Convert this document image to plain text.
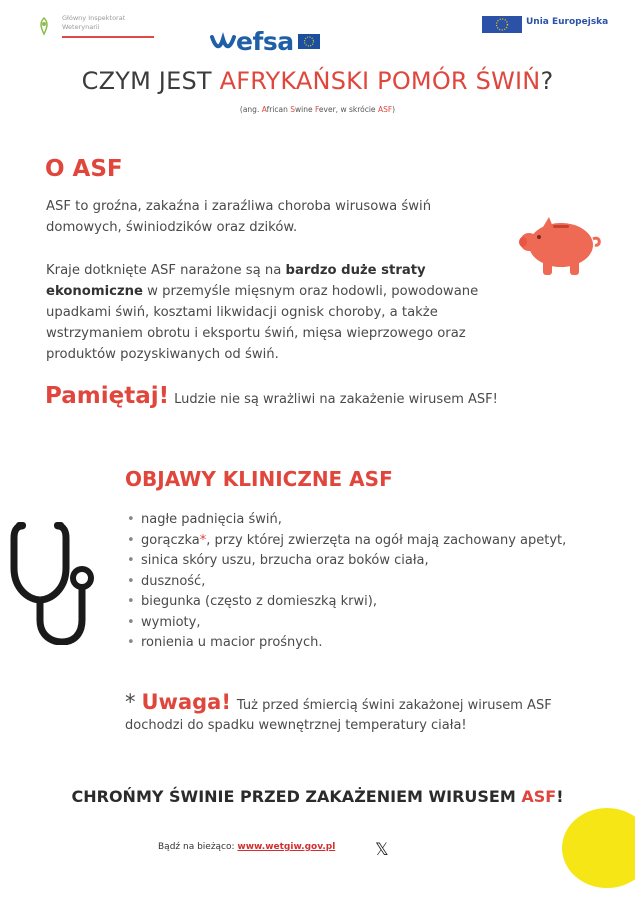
Główny Inspektorat Weterynarii	efsa
Unia Europejska
CZYM JEST AFRYKAŃSKI POMÓR ŚWIŃ?
(ang. African Swine Fever, w skrócie ASF)
O ASF
ASF to groźna, zakaźna i zaraźliwa choroba wirusowa świń domowych, świniodzików oraz dzików.
Kraje dotknięte ASF narażone są na bardzo duże straty ekonomiczne w przemyśle mięsnym oraz hodowli, powodowane upadkami świń, kosztami likwidacji ognisk choroby, a także wstrzymaniem obrotu i eksportu świń, mięsa wieprzowego oraz produktów pozyskiwanych od świń.
Pamiętaj! Ludzie nie są wrażliwi na zakażenie wirusem ASF!
OBJAWY KLINICZNE ASF
• nagłe padnięcia świń,
• gorączka*, przy której zwierzęta na ogół mają zachowany apetyt,
• sinica skóry uszu, brzucha oraz boków ciała,
• duszność,
• biegunka (często z domieszką krwi),
• wymioty,
• ronienia u macior prośnych.
* Uwaga! Tuż przed śmiercią świni zakażonej wirusem ASF
dochodzi do spadku wewnętrznej temperatury ciała!
CHROŃMY ŚWINIE PRZED ZAKAŻENIEM WIRUSEM ASF!
Bądź na bieżąco: www.wetgiw.gov.pl 𝕏
